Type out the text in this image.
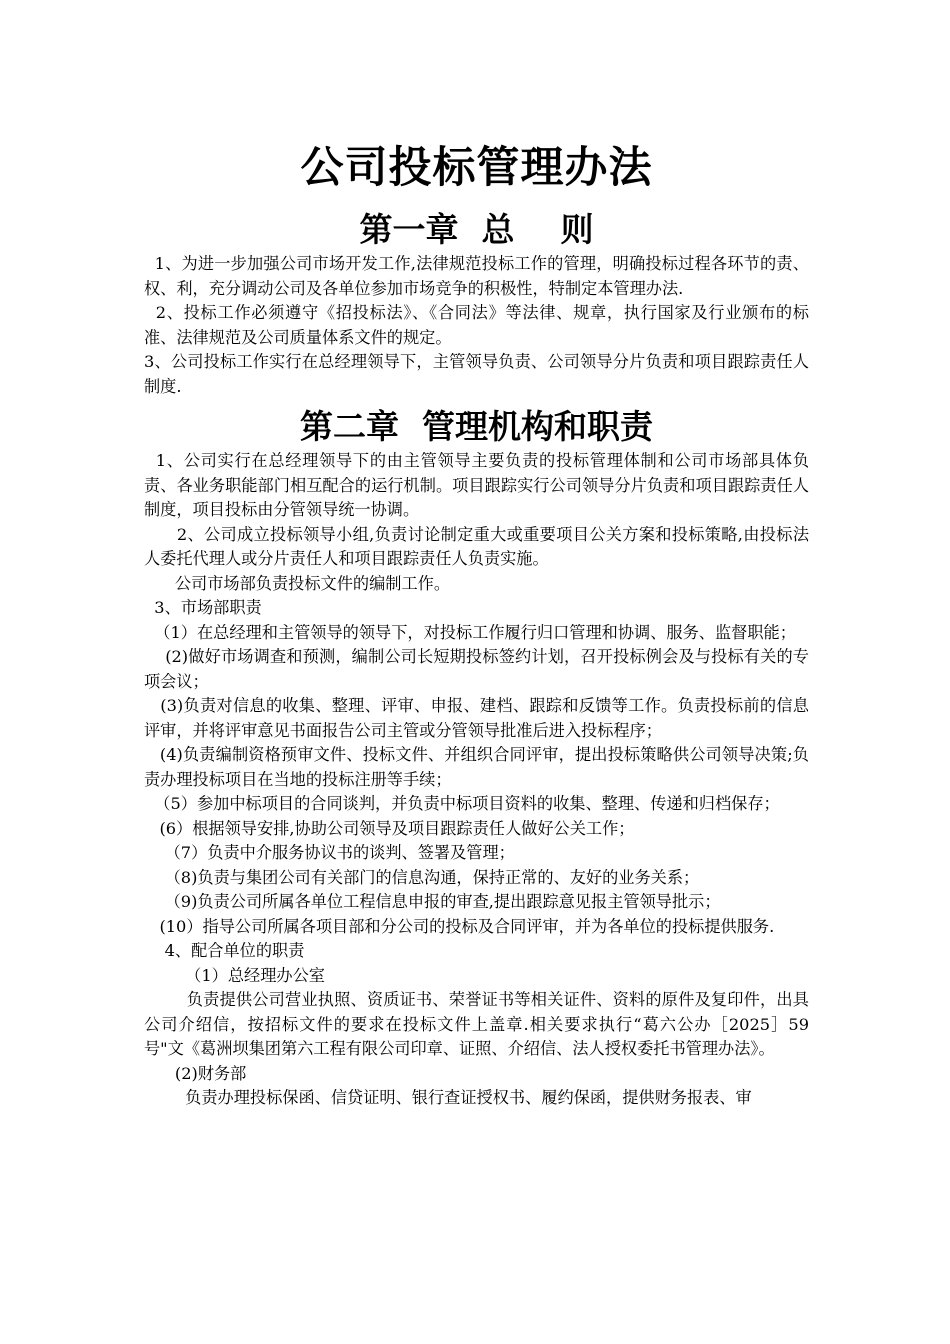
公司投标管理办法
第一章  总    则

1、为进一步加强公司市场开发工作,法律规范投标工作的管理，明确投标过程各环节的责、权、利，充分调动公司及各单位参加市场竞争的积极性，特制定本管理办法.

2、投标工作必须遵守《招投标法》、《合同法》等法律、规章，执行国家及行业颁布的标准、法律规范及公司质量体系文件的规定。

3、公司投标工作实行在总经理领导下，主管领导负责、公司领导分片负责和项目跟踪责任人制度.

第二章  管理机构和职责

1、公司实行在总经理领导下的由主管领导主要负责的投标管理体制和公司市场部具体负责、各业务职能部门相互配合的运行机制。项目跟踪实行公司领导分片负责和项目跟踪责任人制度，项目投标由分管领导统一协调。

2、公司成立投标领导小组,负责讨论制定重大或重要项目公关方案和投标策略,由投标法人委托代理人或分片责任人和项目跟踪责任人负责实施。

公司市场部负责投标文件的编制工作。

3、市场部职责

（1）在总经理和主管领导的领导下，对投标工作履行归口管理和协调、服务、监督职能；

(2)做好市场调查和预测，编制公司长短期投标签约计划，召开投标例会及与投标有关的专项会议；

(3)负责对信息的收集、整理、评审、申报、建档、跟踪和反馈等工作。负责投标前的信息评审，并将评审意见书面报告公司主管或分管领导批准后进入投标程序；

(4)负责编制资格预审文件、投标文件、并组织合同评审，提出投标策略供公司领导决策;负责办理投标项目在当地的投标注册等手续；

（5）参加中标项目的合同谈判，并负责中标项目资料的收集、整理、传递和归档保存；

(6）根据领导安排,协助公司领导及项目跟踪责任人做好公关工作；

（7）负责中介服务协议书的谈判、签署及管理；

（8)负责与集团公司有关部门的信息沟通，保持正常的、友好的业务关系；

（9)负责公司所属各单位工程信息申报的审查,提出跟踪意见报主管领导批示；

(10）指导公司所属各项目部和分公司的投标及合同评审，并为各单位的投标提供服务.

4、配合单位的职责

（1）总经理办公室

负责提供公司营业执照、资质证书、荣誉证书等相关证件、资料的原件及复印件，出具公司介绍信，按招标文件的要求在投标文件上盖章.相关要求执行“葛六公办［2025］59号"文《葛洲坝集团第六工程有限公司印章、证照、介绍信、法人授权委托书管理办法》。

(2)财务部

负责办理投标保函、信贷证明、银行查证授权书、履约保函，提供财务报表、审
